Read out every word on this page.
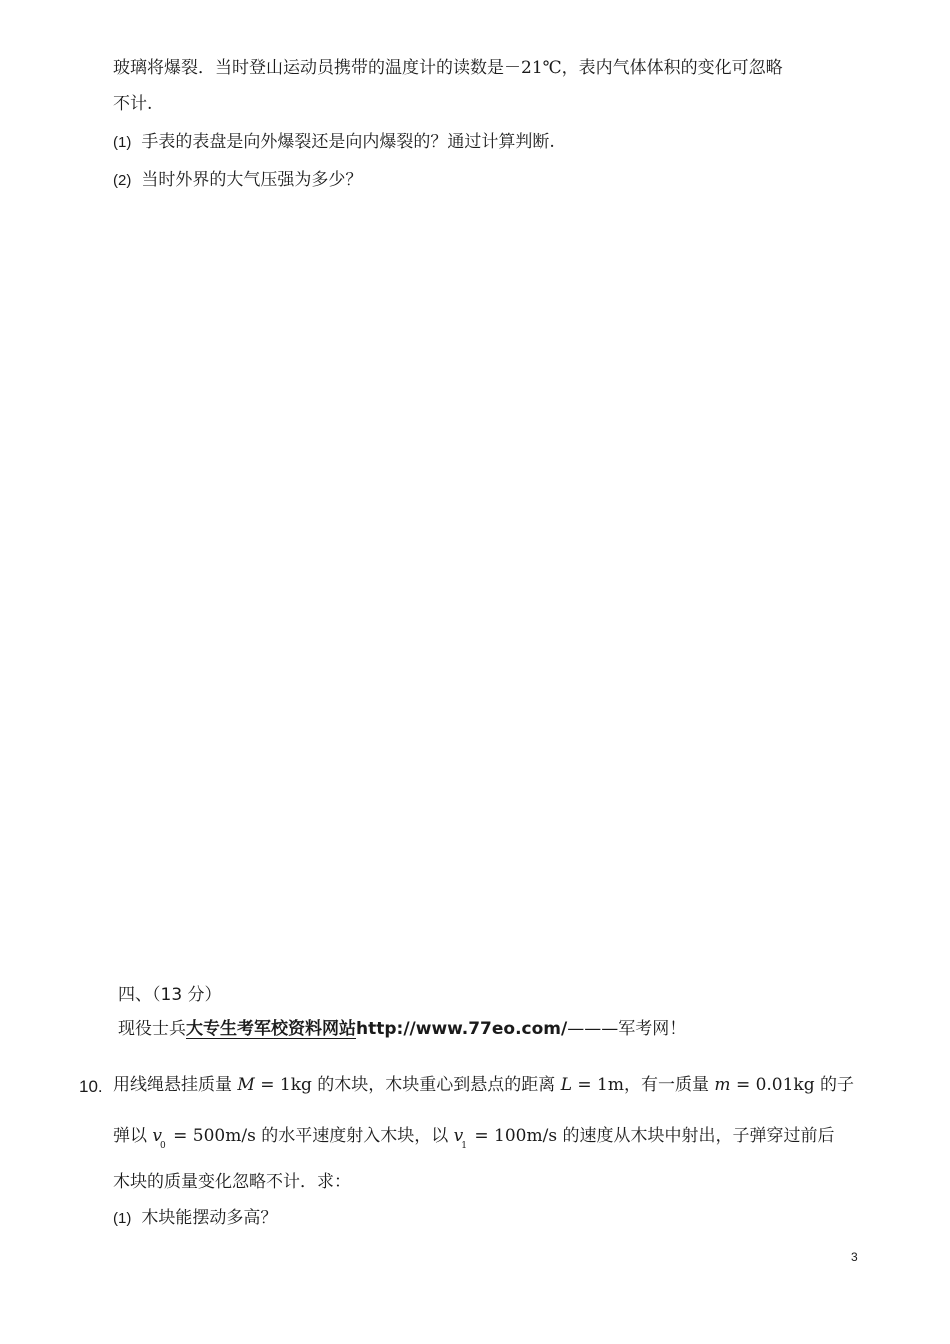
玻璃将爆裂．当时登山运动员携带的温度计的读数是－21℃，表内气体体积的变化可忽略
不计.
(1) 手表的表盘是向外爆裂还是向内爆裂的？通过计算判断.
(2) 当时外界的大气压强为多少？
四、（13 分）
现役士兵大专生考军校资料网站http://www.77eo.com/———军考网！
10. 用线绳悬挂质量 M = 1kg 的木块，木块重心到悬点的距离 L = 1m，有一质量 m = 0.01kg 的子
弹以 $v_0 = 500m/s$ 的水平速度射入木块，以 $v_1 = 100m/s$ 的速度从木块中射出，子弹穿过前后
木块的质量变化忽略不计．求：
(1) 木块能摆动多高？
3
